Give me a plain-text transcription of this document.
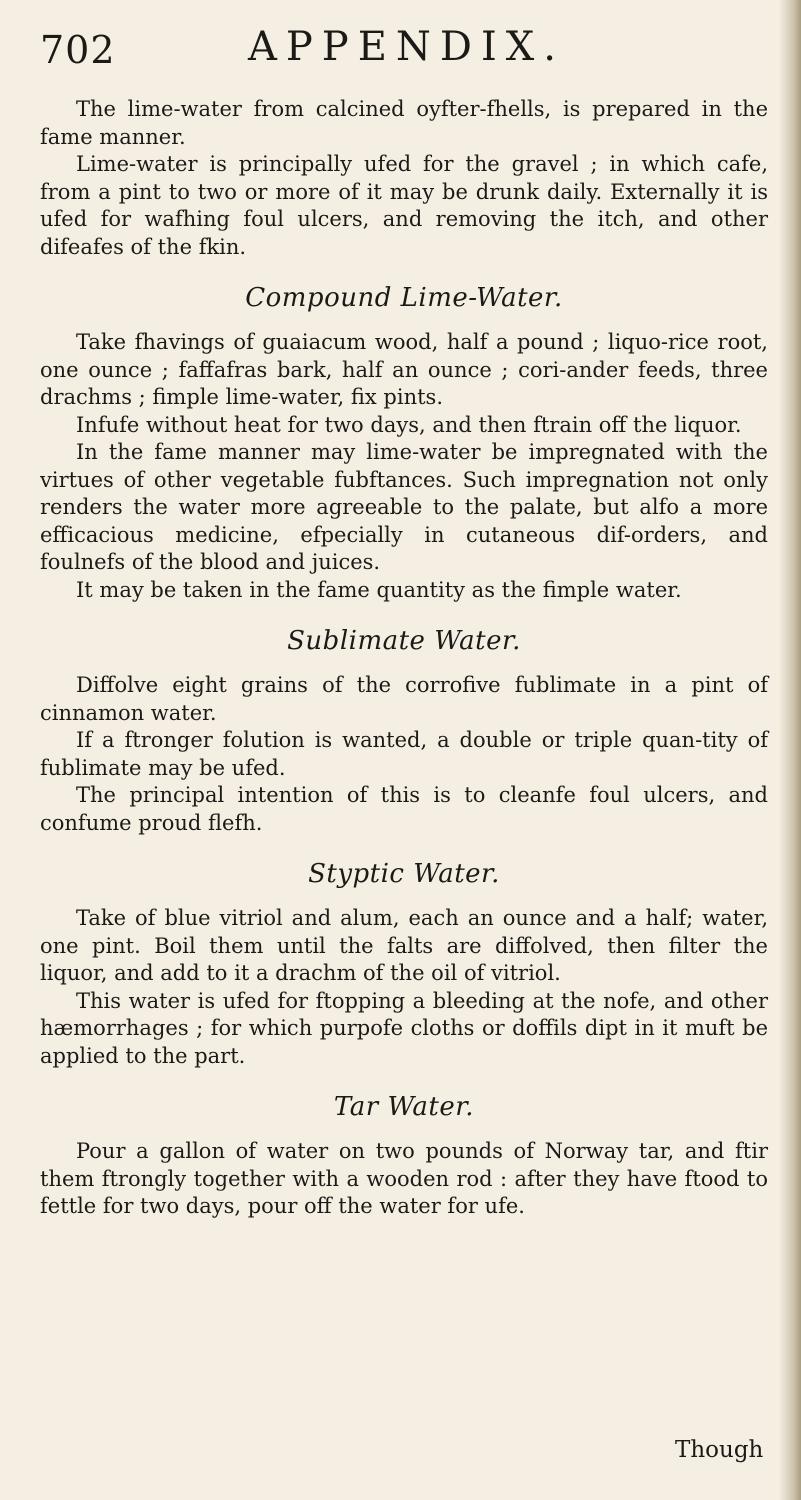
702	APPENDIX.

The lime-water from calcined oyfter-fhells, is prepared in the fame manner.

Lime-water is principally ufed for the gravel ; in which cafe, from a pint to two or more of it may be drunk daily. Externally it is ufed for wafhing foul ulcers, and removing the itch, and other difeafes of the fkin.

Compound Lime-Water.

Take fhavings of guaiacum wood, half a pound ; liquo-rice root, one ounce ; faffafras bark, half an ounce ; cori-ander feeds, three drachms ; fimple lime-water, fix pints.

Infufe without heat for two days, and then ftrain off the liquor.

In the fame manner may lime-water be impregnated with the virtues of other vegetable fubftances. Such impregnation not only renders the water more agreeable to the palate, but alfo a more efficacious medicine, efpecially in cutaneous dif-orders, and foulnefs of the blood and juices.

It may be taken in the fame quantity as the fimple water.

Sublimate Water.

Diffolve eight grains of the corrofive fublimate in a pint of cinnamon water.

If a ftronger folution is wanted, a double or triple quan-tity of fublimate may be ufed.

The principal intention of this is to cleanfe foul ulcers, and confume proud flefh.

Styptic Water.

Take of blue vitriol and alum, each an ounce and a half; water, one pint. Boil them until the falts are diffolved, then filter the liquor, and add to it a drachm of the oil of vitriol.

This water is ufed for ftopping a bleeding at the nofe, and other hæmorrhages ; for which purpofe cloths or doffils dipt in it muft be applied to the part.

Tar Water.

Pour a gallon of water on two pounds of Norway tar, and ftir them ftrongly together with a wooden rod : after they have ftood to fettle for two days, pour off the water for ufe.

Though
